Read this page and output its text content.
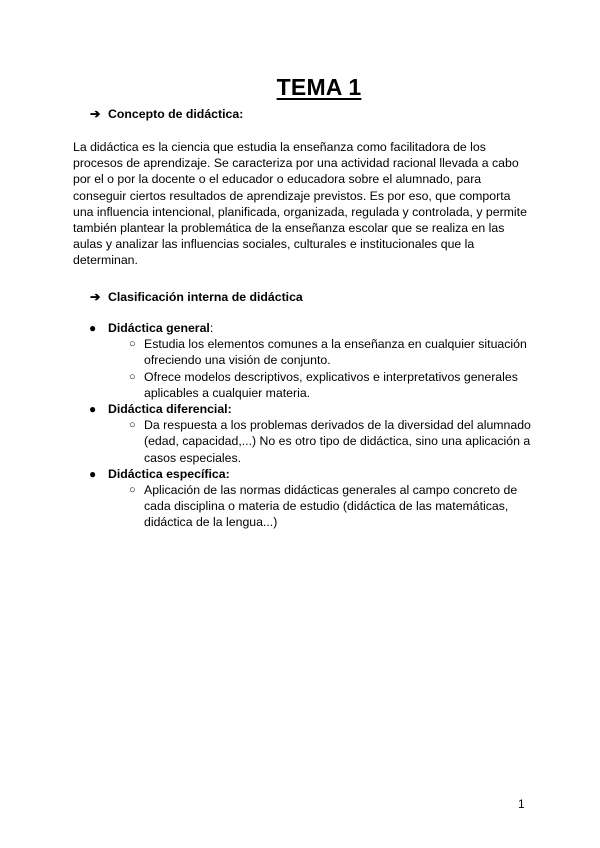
TEMA 1
➔ Concepto de didáctica:
La didáctica es la ciencia que estudia la enseñanza como facilitadora de los procesos de aprendizaje. Se caracteriza por una actividad racional llevada a cabo por el o por la docente o el educador o educadora sobre el alumnado, para conseguir ciertos resultados de aprendizaje previstos. Es por eso, que comporta una influencia intencional, planificada, organizada, regulada y controlada, y permite también plantear la problemática de la enseñanza escolar que se realiza en las aulas y analizar las influencias sociales, culturales e institucionales que la determinan.
➔ Clasificación interna de didáctica
● Didáctica general:
○ Estudia los elementos comunes a la enseñanza en cualquier situación ofreciendo una visión de conjunto.
○ Ofrece modelos descriptivos, explicativos e interpretativos generales aplicables a cualquier materia.
● Didáctica diferencial:
○ Da respuesta a los problemas derivados de la diversidad del alumnado (edad, capacidad,...) No es otro tipo de didáctica, sino una aplicación a casos especiales.
● Didáctica específica:
○ Aplicación de las normas didácticas generales al campo concreto de cada disciplina o materia de estudio (didáctica de las matemáticas, didáctica de la lengua...)
1
